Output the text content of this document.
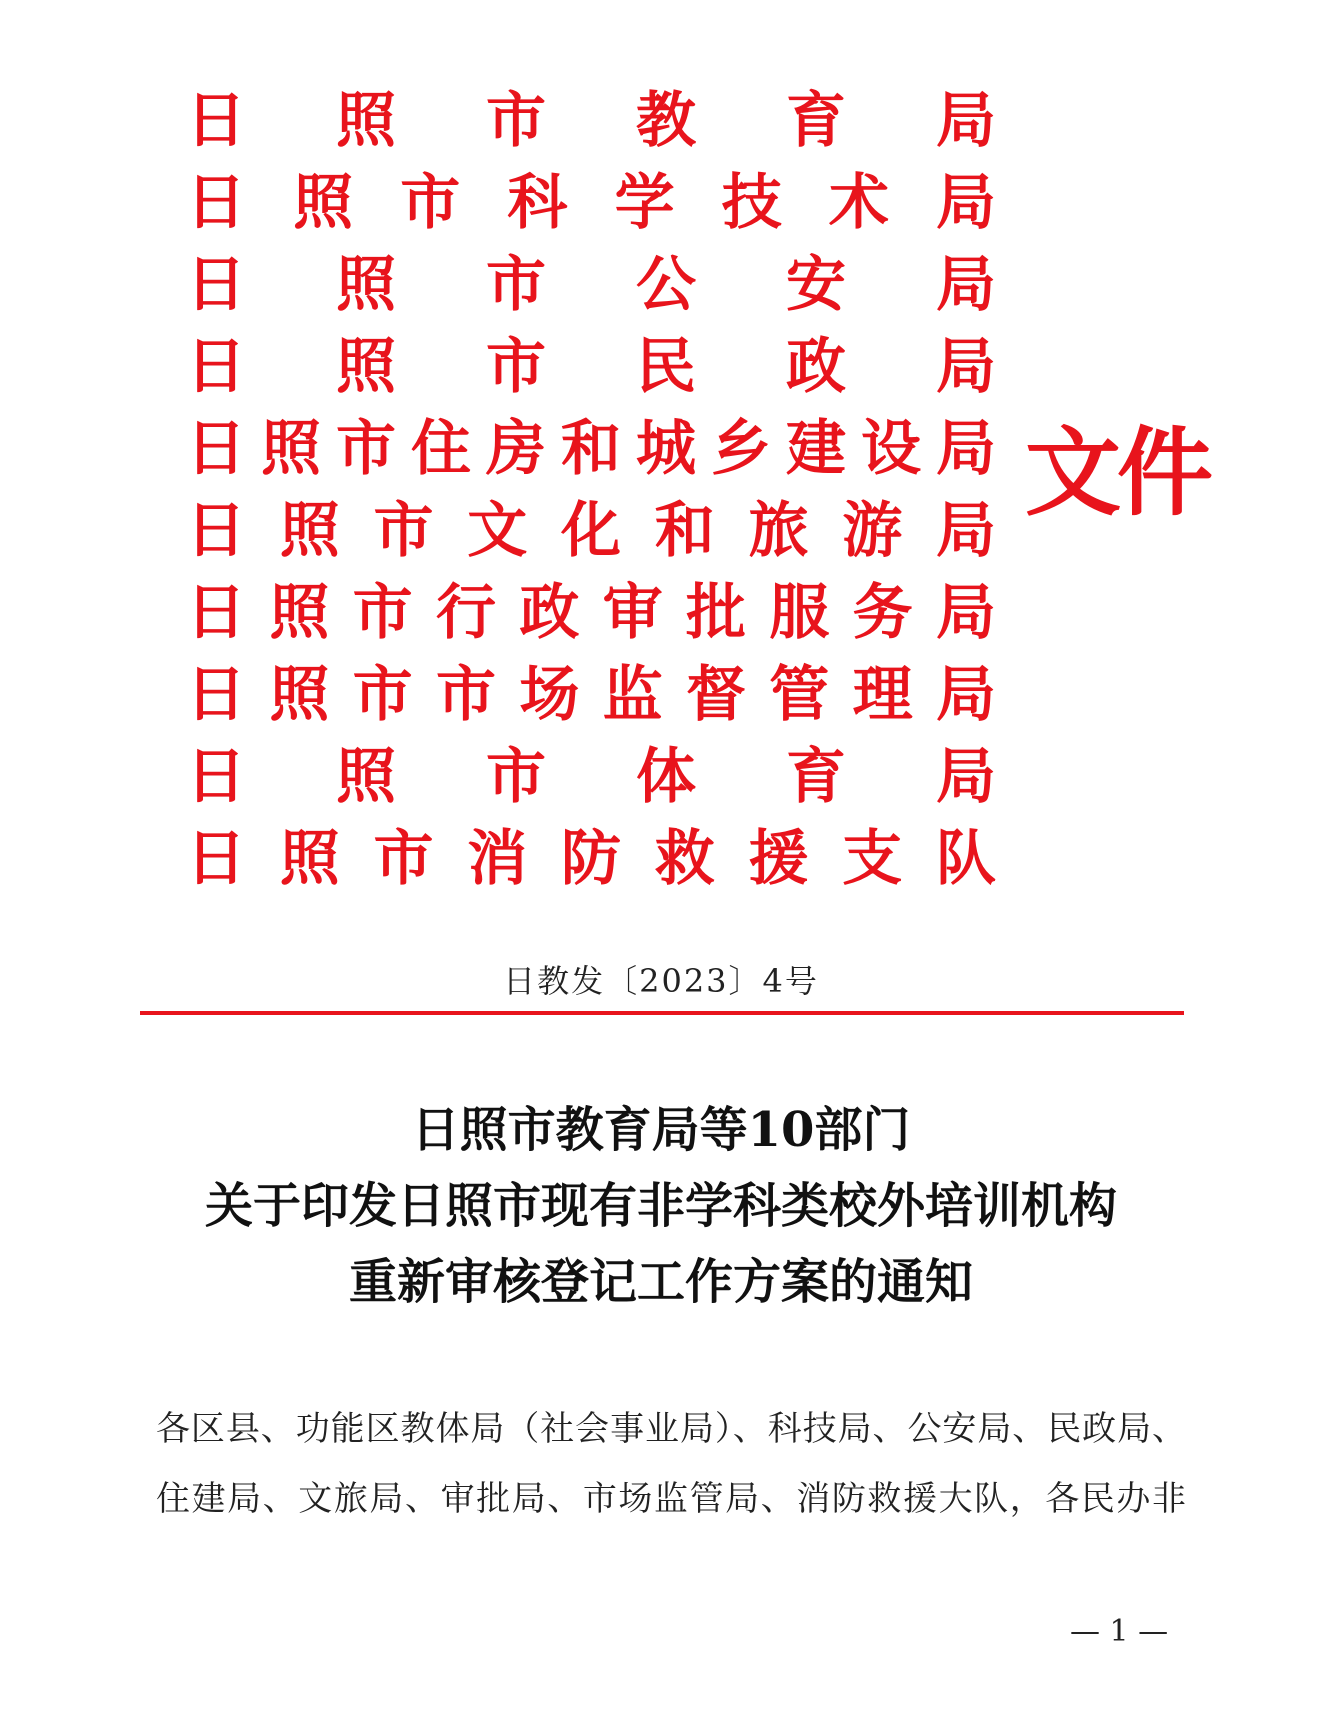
日 照 市 教 育 局
日 照 市 科 学 技 术 局
日 照 市 公 安 局
日 照 市 民 政 局
日 照 市 住 房 和 城 乡 建 设 局
日 照 市 文 化 和 旅 游 局
日 照 市 行 政 审 批 服 务 局
日 照 市 市 场 监 督 管 理 局
日 照 市 体 育 局
日 照 市 消 防 救 援 支 队
文件
日教发〔2023〕4号
日照市教育局等10部门
关于印发日照市现有非学科类校外培训机构
重新审核登记工作方案的通知
各区县、功能区教体局（社会事业局）、科技局、公安局、民政局、
住建局、文旅局、审批局、市场监管局、消防救援大队，各民办非
— 1 —
